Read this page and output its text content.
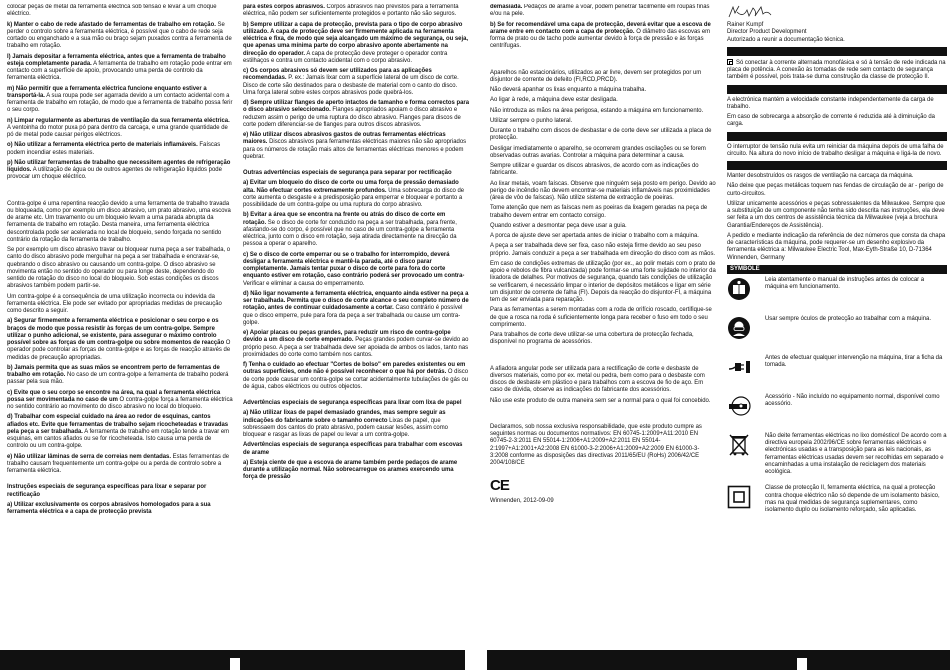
colocar peças de metal da ferramenta eléctrica sob tensão e levar a um choque eléctrico.
k) Manter o cabo de rede afastado de ferramentas de trabalho em rotação. Se perder o controlo sobre a ferramenta eléctrica, é possível que o cabo de rede seja cortado ou enganchado e a sua mão ou braço sejam puxados contra a ferramenta de trabalho em rotação.
l) Jamais depositar a ferramenta eléctrica, antes que a ferramenta de trabalho esteja completamente parada. A ferramenta de trabalho em rotação pode entrar em contacto com a superfície de apoio, provocando uma perda de controlo da ferramenta eléctrica.
m) Não permitir que a ferramenta eléctrica funcione enquanto estiver a transportá-la. A sua roupa pode ser agarrada devido a um contacto acidental com a ferramenta de trabalho em rotação, de modo que a ferramenta de trabalho possa ferir o seu corpo.
n) Limpar regularmente as aberturas de ventilação da sua ferramenta eléctrica. A ventoinha do motor puxa pó para dentro da carcaça, e uma grande quantidade de pó de metal pode causar perigos eléctricos.
o) Não utilizar a ferramenta eléctrica perto de materiais inflamáveis. Faíscas podem incendiar estes materiais.
p) Não utilizar ferramentas de trabalho que necessitem agentes de refrigeração líquidos. A utilização de água ou de outros agentes de refrigeração líquidos pode provocar um choque eléctrico.
Contra-golpe é uma repentina reacção devido a uma ferramenta de trabalho travada ou bloqueada, como por exemplo um disco abrasivo, um prato abrasivo, uma escova de arame etc. Um travamento ou um bloqueio levam a uma parada abrupta da ferramenta de trabalho em rotação. Desta maneira, uma ferramenta eléctrica descontrolada pode ser acelerada no local de bloqueio, sendo forçada no sentido contrário da rotação da ferramenta de trabalho.
Se por exemplo um disco abrasivo travar ou bloquear numa peça a ser trabalhada, o canto do disco abrasivo pode mergulhar na peça a ser trabalhada e encravar-se, quebrando o disco abrasivo ou causando um contra-golpe. O disco abrasivo se movimenta então no sentido do operador ou para longe deste, dependendo do sentido de rotação do disco no local do bloqueio. Sob estas condições os discos abrasivos também podem partir-se.
Um contra-golpe é a consequência de uma utilização incorrecta ou indevida da ferramenta eléctrica. Ele pode ser evitado por apropriadas medidas de precaução como descrito a seguir.
a) Segurar firmemente a ferramenta eléctrica e posicionar o seu corpo e os braços de modo que possa resistir às forças de um contra-golpe. Sempre utilizar o punho adicional, se existente, para assegurar o máximo controlo possível sobre as forças de um contra-golpe ou sobre momentos de reacção O operador pode controlar as forças de contra-golpe e as forças de reacção através de medidas de precaução apropriadas.
b) Jamais permita que as suas mãos se encontrem perto de ferramentas de trabalho em rotação. No caso de um contra-golpe a ferramenta de trabalho poderá passar pela sua mão.
c) Evite que o seu corpo se encontre na área, na qual a ferramenta eléctrica possa ser movimentada no caso de um O contra-golpe força a ferramenta eléctrica no sentido contrário ao movimento do disco abrasivo no local do bloqueio.
d) Trabalhar com especial cuidado na área ao redor de esquinas, cantos afiados etc. Evite que ferramentas de trabalho sejam ricocheteadas e travadas pela peça a ser trabalhada. A ferramenta de trabalho em rotação tende a travar em esquinas, em cantos afiados ou se for ricocheteada. Isto causa uma perda de controlo ou um contra-golpe.
e) Não utilizar lâminas de serra de correias nem dentadas. Estas ferramentas de trabalho causam frequentemente um contra-golpe ou a perda de controlo sobre a ferramenta eléctrica.
Instruções especiais de segurança específicas para lixar e separar por rectificação
a) Utilizar exclusivamente os corpos abrasivos homologados para a sua ferramenta eléctrica e a capa de protecção prevista
para estes corpos abrasivos. Corpos abrasivos não previstos para a ferramenta eléctrica, não podem ser suficientemente protegidos e portanto não são seguros.
b) Sempre utilizar a capa de protecção, prevista para o tipo de corpo abrasivo utilizado. A capa de protecção deve ser firmemente aplicada na ferramenta eléctrica e fixa, de modo que seja alcançado um máximo de segurança, ou seja, que apenas uma mínima parte do corpo abrasivo aponte abertamente na direcção do operador. A capa de protecção deve proteger o operador contra estilhaços e contra um contacto acidental com o corpo abrasivo.
c) Os corpos abrasivos só devem ser utilizados para as aplicações recomendadas. P. ex.: Jamais lixar com a superfície lateral de um disco de corte. Disco de corte são destinados para o desbaste de material com o canto do disco. Uma força lateral sobre estes corpos abrasivos pode quebrá-los.
d) Sempre utilizar flanges de aperto intactos de tamanho e forma correctos para o disco abrasivo seleccionado. Flanges apropriados apoiam o disco abrasivo e reduzem assim o perigo de uma ruptura do disco abrasivo. Flanges para discos de corte podem diferenciar-se de flanges para outros discos abrasivos.
e) Não utilizar discos abrasivos gastos de outras ferramentas eléctricas maiores. Discos abrasivos para ferramentas eléctricas maiores não são apropriados para os números de rotação mais altos de ferramentas eléctricas menores e podem quebrar.
Outras advertências especiais de segurança para separar por rectificação
a) Evitar um bloqueio do disco de corte ou uma força de pressão demasiado alta. Não efectuar cortes extremamente profundos. Uma sobrecarga do disco de corte aumenta o desgaste e a predisposição para emperrar e bloquear e portanto a possibilidade de um contra-golpe ou uma ruptura do corpo abrasivo.
b) Evitar a área que se encontra na frente ou atrás do disco de corte em rotação. Se o disco de corte for conduzido na peça a ser trabalhada, para frente, afastando-se do corpo, é possível que no caso de um contra-golpe a ferramenta eléctrica, junto com o disco em rotação, seja atirada directamente na direcção da pessoa a operar o aparelho.
c) Se o disco de corte emperrar ou se o trabalho for interrompido, deverá desligar a ferramenta eléctrica e mantê-la parada, até o disco parar completamente. Jamais tentar puxar o disco de corte para fora do corte enquanto estiver em rotação, caso contrário poderá ser provocado um contra- Verificar e eliminar a causa do emperramento.
d) Não ligar novamente a ferramenta eléctrica, enquanto ainda estiver na peça a ser trabalhada. Permita que o disco de corte alcance o seu completo número de rotação, antes de continuar cuidadosamente a cortar. Caso contrário é possível que o disco emperre, pule para fora da peça a ser trabalhada ou cause um contra-golpe.
e) Apoiar placas ou peças grandes, para reduzir um risco de contra-golpe devido a um disco de corte emperrado. Peças grandes podem curvar-se devido ao próprio peso. A peça a ser trabalhada deve ser apoiada de ambos os lados, tanto nas proximidades do corte como também nos cantos.
f) Tenha o cuidado ao efectuar "Cortes de bolso" em paredes existentes ou em outras superfícies, onde não é possível reconhecer o que há por detrás. O disco de corte pode causar um contra-golpe se cortar acidentalmente tubulações de gás ou de água, cabos eléctricos ou outros objectos.
Advertências especiais de segurança específicas para lixar com lixa de papel
a) Não utilizar lixas de papel demasiado grandes, mas sempre seguir as indicações do fabricante sobre o tamanho correcto Lixas de papel, que sobressaem dos cantos do prato abrasivo, podem causar lesões, assim como bloquear e rasgar as lixas de papel ou levar a um contra-golpe.
Advertências especiais de segurança específicas para trabalhar com escovas de arame
a) Esteja ciente de que a escova de arame também perde pedaços de arame durante a utilização normal. Não sobrecarregue os arames exercendo uma força de pressão
demasiada. Pedaços de arame a voar, podem penetrar facilmente em roupas finas e/ou na pele.
b) Se for recomendável uma capa de protecção, deverá evitar que a escova de arame entre em contacto com a capa de protecção. O diâmetro das escovas em forma de prato ou de tacho pode aumentar devido à força de pressão e às forças centrífugas.
Aparelhos não estacionários, utilizados ao ar livre, devem ser protegidos por um disjuntor de corrente de defeito (FI,RCD,PRCD).
Não deverá apanhar os lixas enquanto a máquina trabalha.
Ao ligar à rede, a máquina deve estar desligada.
Não introduza as mãos na área perigosa, estando a máquina em funcionamento.
Utilizar sempre o punho lateral.
Durante o trabalho com discos de desbastar e de corte deve ser utilizada a placa de protecção.
Desligar imediatamente o aparelho, se ocorrerem grandes oscilações ou se forem observadas outras avarias. Controlar a máquina para determinar a causa.
Sempre utilizar e guardar os discos abrasivos, de acordo com as indicações do fabricante.
Ao lixar metais, voam faíscas. Observe que ninguém seja posto em perigo. Devido ao perigo de incêndio não devem encontrar-se materiais inflamáveis nas proximidades (área de vôo de faíscas). Não utilize sistema de extracção de poeiras.
Tome atenção que nem as faíscas nem as poeiras da lixagem geradas na peça de trabalho devem entrar em contacto consigo.
Quando estiver a desmontar peça deve usar a guia.
A porca de ajuste deve ser apertada antes de iniciar o trabalho com a máquina.
A peça a ser trabalhada deve ser fixa, caso não esteja firme devido ao seu peso próprio. Jamais conduzir a peça a ser trabalhada em direcção do disco com as mãos.
Em caso de condições extremas de utilização (por ex., ao polir metais com o prato de apoio e rebolos de fibra vulcanizada) pode formar-se uma forte sujidade no interior da lixadora de delalhes. Por motivos de segurança, quando tais condições de utilização se verificarem, é necessário limpar o interior de depósitos metálicos e ligar em série um disjuntor de corrente de falha (FI). Depois da reacção do disjuntor-FI, a máquina tem de ser enviada para reparação.
Para as ferramentas a serem montadas com a roda de orifício roscado, certifique-se de que a rosca na roda é suficientemente longa para receber o fuso em todo o seu comprimento.
Para trabalhos de corte deve utilizar-se uma cobertura de protecção fechada, disponível no programa de acessórios.
A afiadora angular pode ser utilizada para a rectificação de corte e desbaste de diversos materiais, como por ex. metal ou pedra, bem como para o desbaste com discos de desbaste em plástico e para trabalhos com a escova de fio de aço. Em caso de dúvida, observe as indicações do fabricante dos acessórios.
Não use este produto de outra maneira sem ser a normal para o qual foi concebido.
Declaramos, sob nossa exclusiva responsabilidade, que este produto cumpre as seguintes normas ou documentos normativos: EN 60745-1:2009+A11:2010 EN 60745-2-3:2011 EN 55014-1:2006+A1:2009+A2:2011 EN 55014-2:1997+A1:2001+A2:2008 EN 61000-3-2:2006+A1:2009+A2:2009 EN 61000-3-3:2008 conforme as disposições das directivas 2011/65/EU (RoHs) 2006/42/CE 2004/108/CE
CE
Winnenden, 2012-09-09
Rainer Kumpf
Director Product Development
Autorizado a reunir a documentação técnica.
Só conectar à corrente alternada monofásica e só à tensão de rede indicada na placa de potência. A conexão às tomadas de rede sem contacto de segurança também é possível, pois trata-se duma construção da classe de protecção II.
A electrónica mantém a velocidade constante independentemente da carga de trabalho.
Em caso de sobrecarga a absorção de corrente é reduzida até à diminuição da carga.
O interruptor de tensão nula evita um reiniciar da máquina depois de uma falha de circuito. Na altura do novo início de trabalho desligar a máquina e ligá-la de novo.
Manter desobstruídos os rasgos de ventilação na carcaça da máquina.
Não deixe que peças metálicas toquem nas fendas de circulação de ar - perigo de curto-circuitos.
Utilizar unicamente acessórios e peças sobressalentes da Milwaukee. Sempre que a substituição de um componente não tenha sido descrita nas instruções, ela deve ser feita a um dos centros de assistência técnica da Milwaukee (veja a brochura Garantia/Endereços de Assistência).
A pedido e mediante indicação da referência de dez números que consta da chapa de características da máquina, pode requerer-se um desenho explosivo da ferramenta eléctrica a: Milwaukee Electric Tool, Max-Eyth-Straße 10, D-71364 Winnenden, Germany
SYMBOLE
Leia atentamente o manual de instruções antes de colocar a máquina em funcionamento.
Usar sempre óculos de protecção ao trabalhar com a máquina.
Antes de efectuar qualquer intervenção na máquina, tirar a ficha da tomada.
Acessório - Não incluído no equipamento normal, disponível como acessório.
Não deite ferramentas eléctricas no lixo doméstico! De acordo com a directiva europeia 2002/96/CE sobre ferramentas eléctricas e electrónicas usadas e a transposição para as leis nacionais, as ferramentas eléctricas usadas devem ser recolhidas em separado e encaminhadas a uma instalação de reciclagem dos materiais ecológica.
Classe de protecção II, ferramenta eléctrica, na qual a protecção contra choque eléctrico não só depende de um isolamento básico, mas na qual medidas de segurança suplementares, como isolamento duplo ou isolamento reforçado, são aplicadas.
